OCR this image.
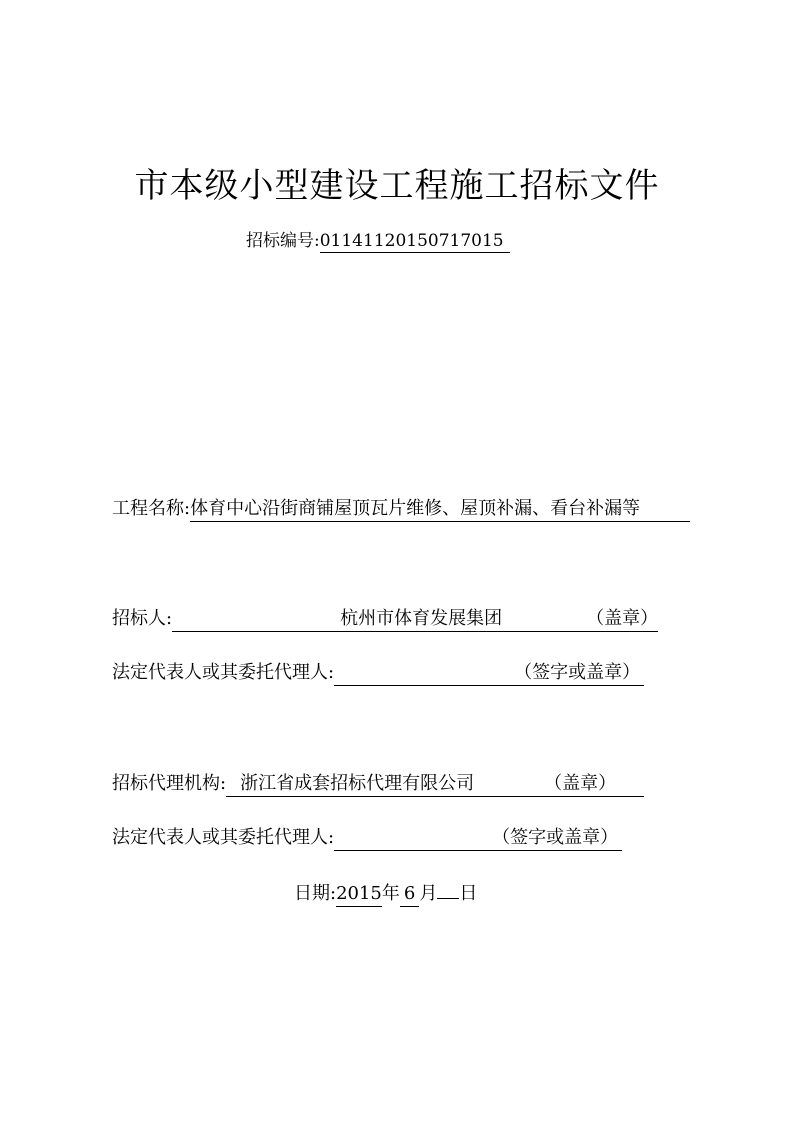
市本级小型建设工程施工招标文件
招标编号:01141120150717015
工程名称:体育中心沿街商铺屋顶瓦片维修、屋顶补漏、看台补漏等
招标人:	杭州市体育发展集团	（盖章）
法定代表人或其委托代理人:	（签字或盖章）
招标代理机构: 浙江省成套招标代理有限公司	（盖章）
法定代表人或其委托代理人:	（签字或盖章）
日期:2015年 6 月 日
